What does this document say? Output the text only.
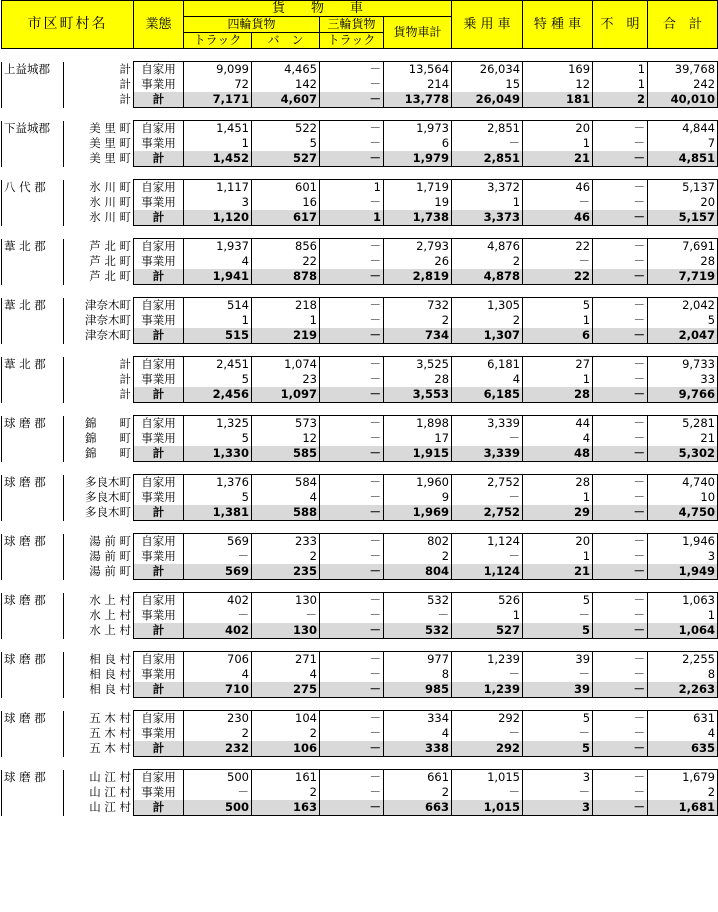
市区町村名		業態	貨　　物　　車				乗 用 車	特 種 車	不　明	合　計
			四輪貨物		三輪貨物	貨物車計				
			トラック	バ　ン	トラック					

上益城郡	計	自家用	9,099	4,465	－	13,564	26,034	169	1	39,768
	計	事業用	72	142	－	214	15	12	1	242
	計	計	7,171	4,607	－	13,778	26,049	181	2	40,010

下益城郡	美 里 町	自家用	1,451	522	－	1,973	2,851	20	－	4,844
	美 里 町	事業用	1	5	－	6	－	1	－	7
	美 里 町	計	1,452	527	－	1,979	2,851	21	－	4,851

八 代 郡	氷 川 町	自家用	1,117	601	1	1,719	3,372	46	－	5,137
	氷 川 町	事業用	3	16	－	19	1	－	－	20
	氷 川 町	計	1,120	617	1	1,738	3,373	46	－	5,157

葦 北 郡	芦 北 町	自家用	1,937	856	－	2,793	4,876	22	－	7,691
	芦 北 町	事業用	4	22	－	26	2	－	－	28
	芦 北 町	計	1,941	878	－	2,819	4,878	22	－	7,719

葦 北 郡	津奈木町	自家用	514	218	－	732	1,305	5	－	2,042
	津奈木町	事業用	1	1	－	2	2	1	－	5
	津奈木町	計	515	219	－	734	1,307	6	－	2,047

葦 北 郡	計	自家用	2,451	1,074	－	3,525	6,181	27	－	9,733
	計	事業用	5	23	－	28	4	1	－	33
	計	計	2,456	1,097	－	3,553	6,185	28	－	9,766

球 磨 郡	錦　　町	自家用	1,325	573	－	1,898	3,339	44	－	5,281
	錦　　町	事業用	5	12	－	17	－	4	－	21
	錦　　町	計	1,330	585	－	1,915	3,339	48	－	5,302

球 磨 郡	多良木町	自家用	1,376	584	－	1,960	2,752	28	－	4,740
	多良木町	事業用	5	4	－	9	－	1	－	10
	多良木町	計	1,381	588	－	1,969	2,752	29	－	4,750

球 磨 郡	湯 前 町	自家用	569	233	－	802	1,124	20	－	1,946
	湯 前 町	事業用	－	2	－	2	－	1	－	3
	湯 前 町	計	569	235	－	804	1,124	21	－	1,949

球 磨 郡	水 上 村	自家用	402	130	－	532	526	5	－	1,063
	水 上 村	事業用	－	－	－	－	1	－	－	1
	水 上 村	計	402	130	－	532	527	5	－	1,064

球 磨 郡	相 良 村	自家用	706	271	－	977	1,239	39	－	2,255
	相 良 村	事業用	4	4	－	8	－	－	－	8
	相 良 村	計	710	275	－	985	1,239	39	－	2,263

球 磨 郡	五 木 村	自家用	230	104	－	334	292	5	－	631
	五 木 村	事業用	2	2	－	4	－	－	－	4
	五 木 村	計	232	106	－	338	292	5	－	635

球 磨 郡	山 江 村	自家用	500	161	－	661	1,015	3	－	1,679
	山 江 村	事業用	－	2	－	2	－	－	－	2
	山 江 村	計	500	163	－	663	1,015	3	－	1,681
